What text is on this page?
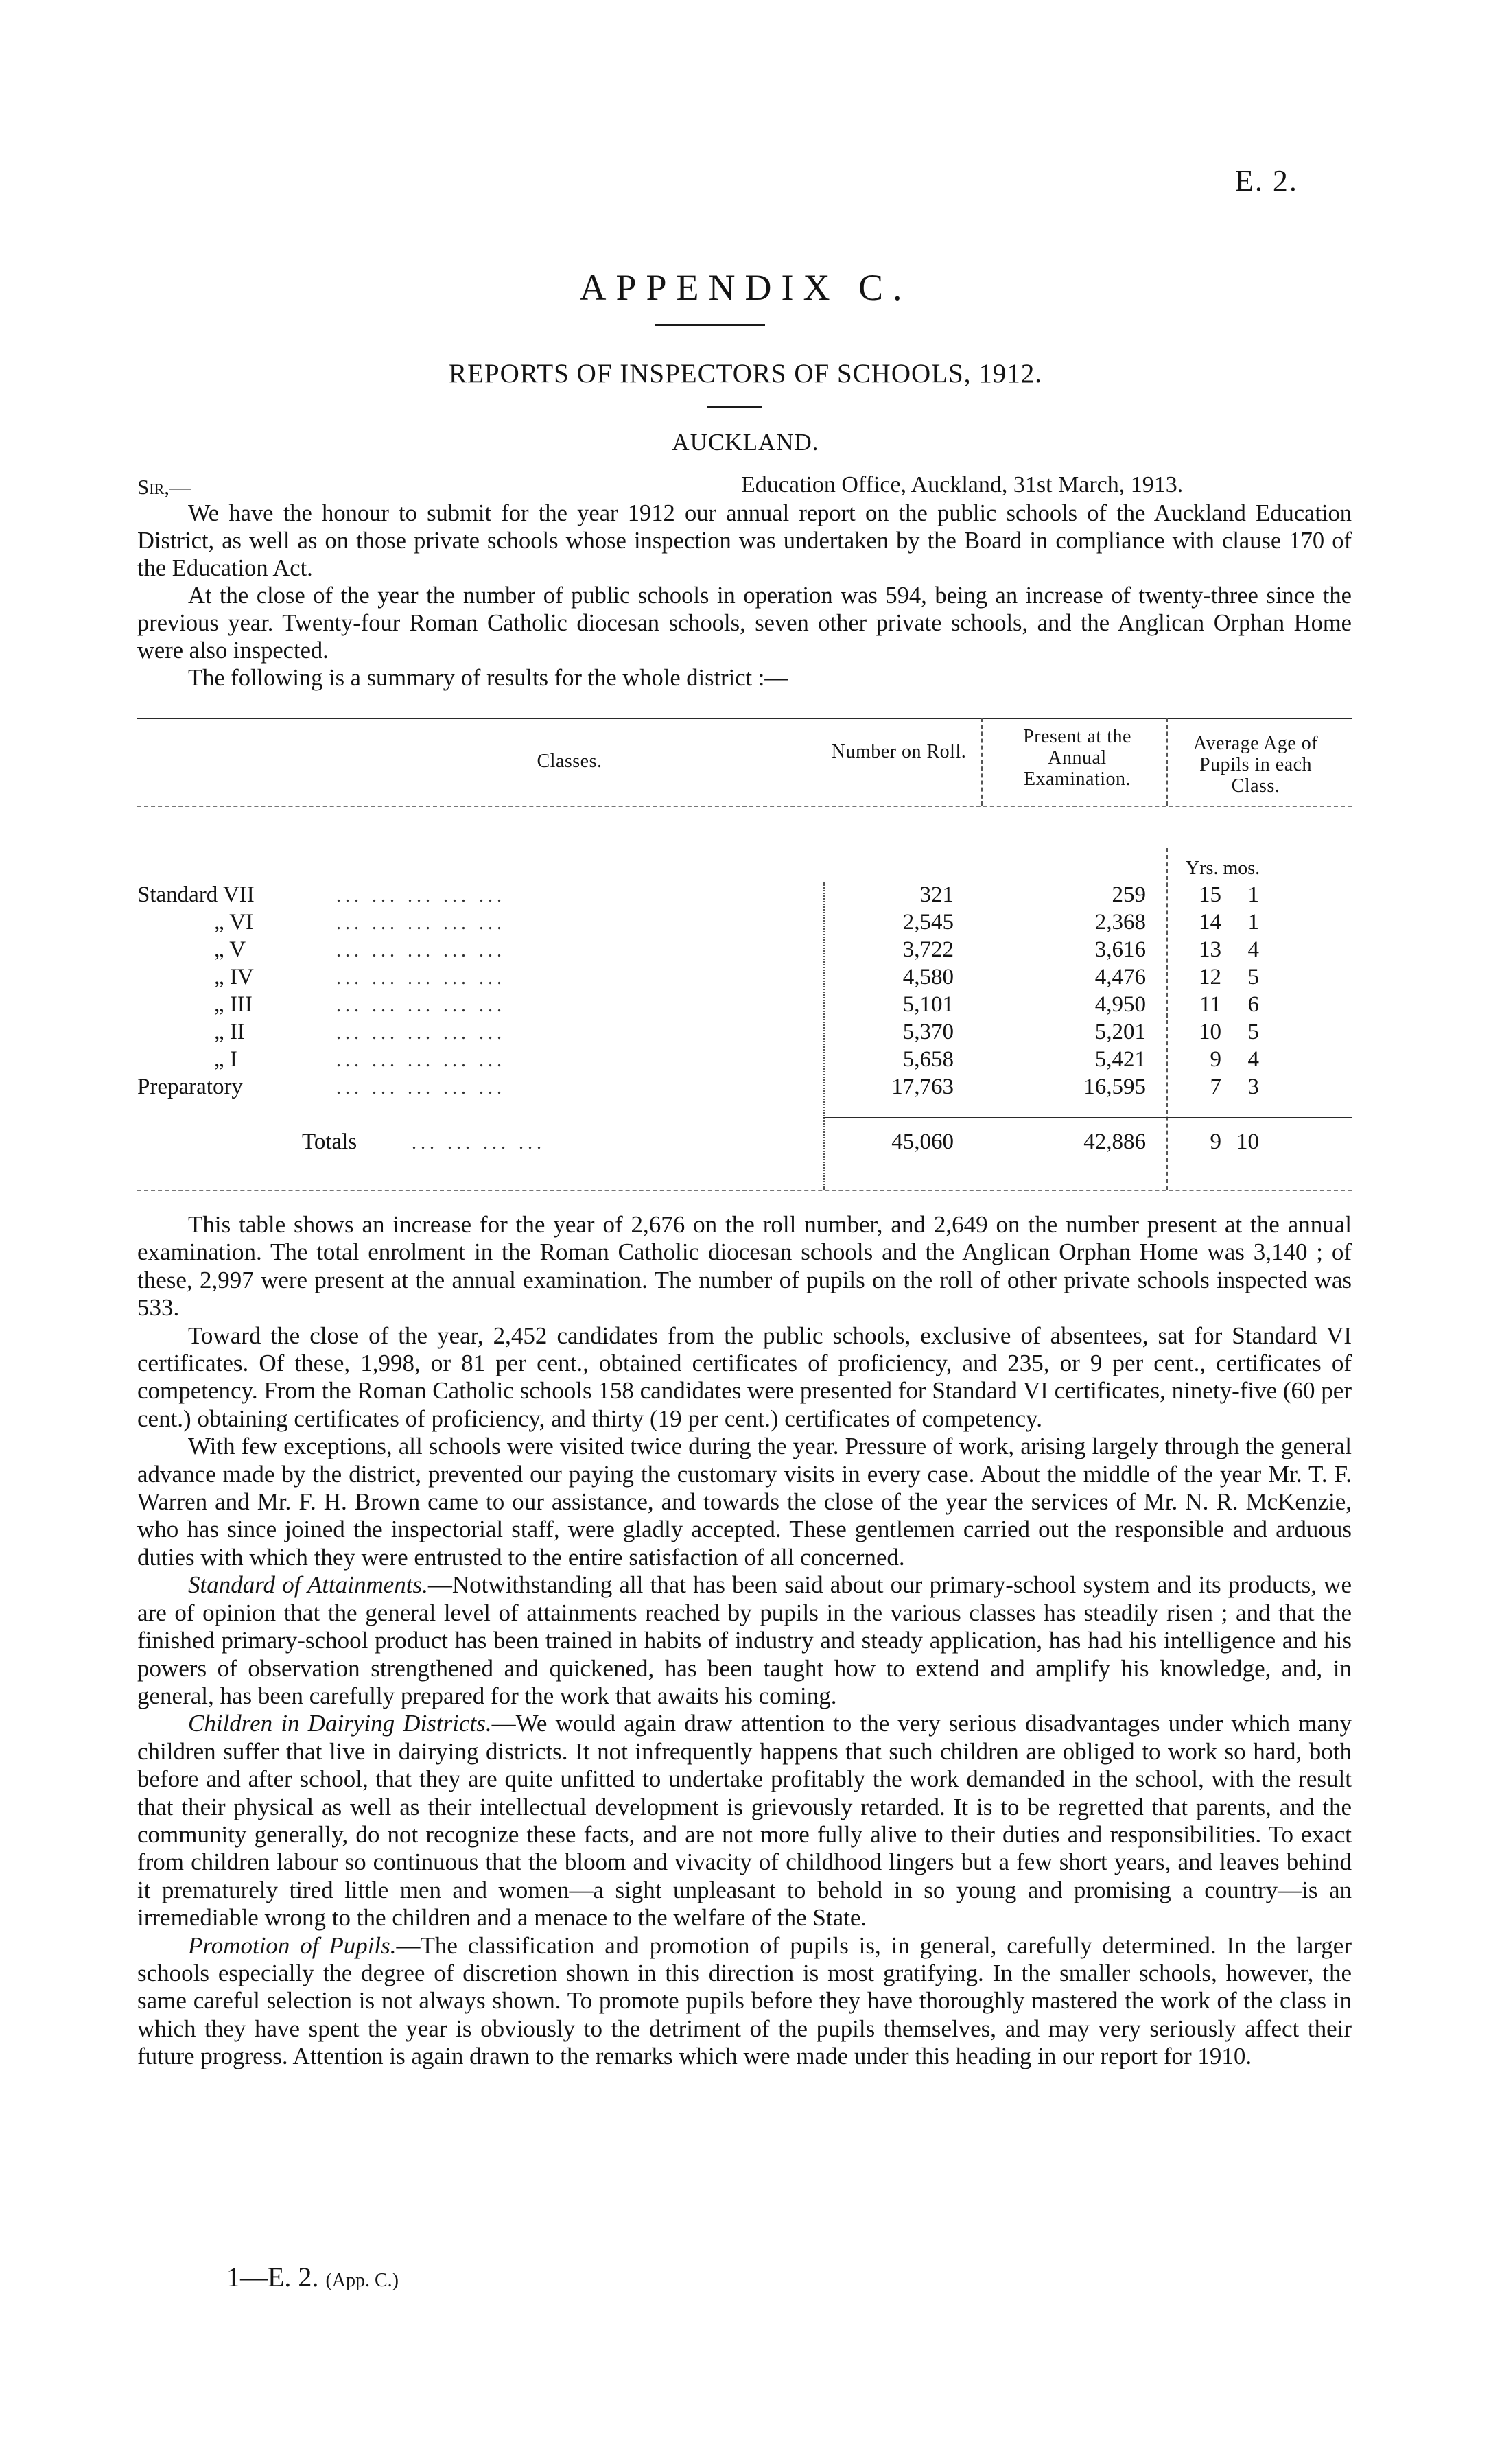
E. 2.
APPENDIX C.
REPORTS OF INSPECTORS OF SCHOOLS, 1912.
AUCKLAND.
Sir,—	Education Office, Auckland, 31st March, 1913.

We have the honour to submit for the year 1912 our annual report on the public schools of the Auckland Education District, as well as on those private schools whose inspection was undertaken by the Board in compliance with clause 170 of the Education Act.

At the close of the year the number of public schools in operation was 594, being an increase of twenty-three since the previous year. Twenty-four Roman Catholic diocesan schools, seven other private schools, and the Anglican Orphan Home were also inspected.

The following is a summary of results for the whole district :—

Classes.	Number on Roll.
Present at the Annual Examination.
Average Age of Pupils in each Class.
Yrs. mos.
Standard VII	... ... ... ... ...	321	259	15	1
„ VI	... ... ... ... ...	2,545	2,368	14	1
„ V	... ... ... ... ...	3,722	3,616	13	4
„ IV	... ... ... ... ...	4,580	4,476	12	5
„ III	... ... ... ... ...	5,101	4,950	11	6
„ II	... ... ... ... ...	5,370	5,201	10	5
„ I	... ... ... ... ...	5,658	5,421	9	4
Preparatory	... ... ... ... ...	17,763	16,595	7	3
Totals	... ... ... ...	45,060	42,886	9 10

This table shows an increase for the year of 2,676 on the roll number, and 2,649 on the number present at the annual examination. The total enrolment in the Roman Catholic diocesan schools and the Anglican Orphan Home was 3,140 ; of these, 2,997 were present at the annual examination. The number of pupils on the roll of other private schools inspected was 533.

Toward the close of the year, 2,452 candidates from the public schools, exclusive of absentees, sat for Standard VI certificates. Of these, 1,998, or 81 per cent., obtained certificates of proficiency, and 235, or 9 per cent., certificates of competency. From the Roman Catholic schools 158 candidates were presented for Standard VI certificates, ninety-five (60 per cent.) obtaining certificates of proficiency, and thirty (19 per cent.) certificates of competency.

With few exceptions, all schools were visited twice during the year. Pressure of work, arising largely through the general advance made by the district, prevented our paying the customary visits in every case. About the middle of the year Mr. T. F. Warren and Mr. F. H. Brown came to our assistance, and towards the close of the year the services of Mr. N. R. McKenzie, who has since joined the inspectorial staff, were gladly accepted. These gentlemen carried out the responsible and arduous duties with which they were entrusted to the entire satisfaction of all concerned.

Standard of Attainments.—Notwithstanding all that has been said about our primary-school system and its products, we are of opinion that the general level of attainments reached by pupils in the various classes has steadily risen ; and that the finished primary-school product has been trained in habits of industry and steady application, has had his intelligence and his powers of observation strengthened and quickened, has been taught how to extend and amplify his knowledge, and, in general, has been carefully prepared for the work that awaits his coming.

Children in Dairying Districts.—We would again draw attention to the very serious disadvantages under which many children suffer that live in dairying districts. It not infrequently happens that such children are obliged to work so hard, both before and after school, that they are quite unfitted to undertake profitably the work demanded in the school, with the result that their physical as well as their intellectual development is grievously retarded. It is to be regretted that parents, and the community generally, do not recognize these facts, and are not more fully alive to their duties and responsibilities. To exact from children labour so continuous that the bloom and vivacity of childhood lingers but a few short years, and leaves behind it prematurely tired little men and women—a sight unpleasant to behold in so young and promising a country—is an irremediable wrong to the children and a menace to the welfare of the State.

Promotion of Pupils.—The classification and promotion of pupils is, in general, carefully determined. In the larger schools especially the degree of discretion shown in this direction is most gratifying. In the smaller schools, however, the same careful selection is not always shown. To promote pupils before they have thoroughly mastered the work of the class in which they have spent the year is obviously to the detriment of the pupils themselves, and may very seriously affect their future progress. Attention is again drawn to the remarks which were made under this heading in our report for 1910.

1—E. 2. (App. C.)
